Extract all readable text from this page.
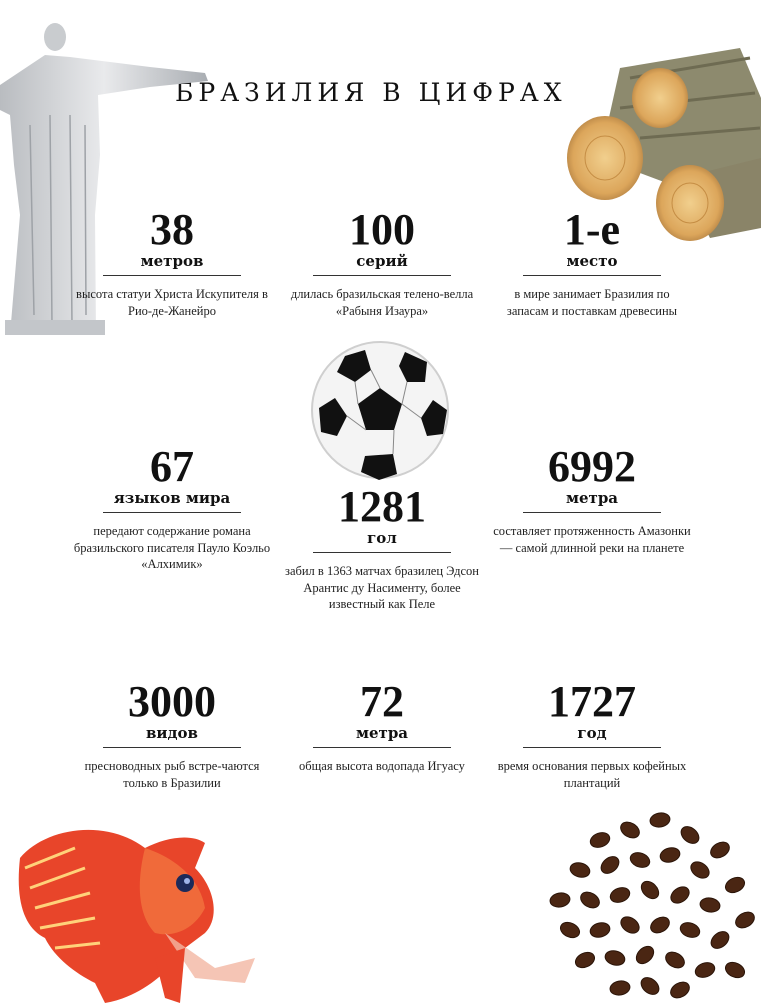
БРАЗИЛИЯ В ЦИФРАХ
38
метров
высота статуи Христа Искупителя в Рио-де-Жанейро
100
серий
длилась бразильская телено-велла «Рабыня Изаура»
1-е
место
в мире занимает Бразилия по запасам и поставкам древесины
67
языков мира
передают содержание романа бразильского писателя Пауло Коэльо «Алхимик»
1281
гол
забил в 1363 матчах бразилец Эдсон Арантис ду Насименту, более известный как Пеле
6992
метра
составляет протяженность Амазонки — самой длинной реки на планете
3000
видов
пресноводных рыб встре-чаются только в Бразилии
72
метра
общая высота водопада Игуасу
1727
год
время основания первых кофейных плантаций
